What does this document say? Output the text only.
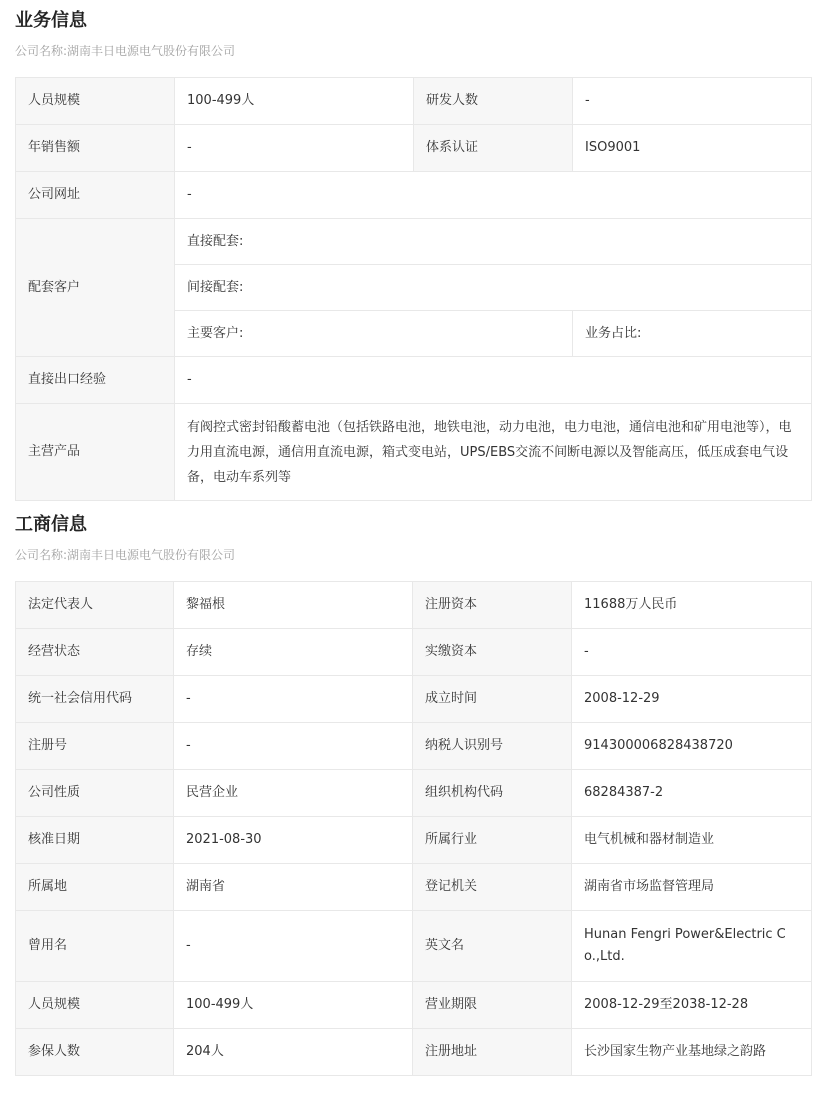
业务信息
公司名称:湖南丰日电源电气股份有限公司
人员规模	100-499人	研发人数	-
年销售额	-	体系认证	ISO9001
公司网址	-		
配套客户	直接配套:		
	间接配套:		
	主要客户:		业务占比:
直接出口经验	-		
主营产品	有阀控式密封铅酸蓄电池（包括铁路电池，地铁电池，动力电池，电力电池，通信电池和矿用电池等），电力用直流电源，通信用直流电源，箱式变电站，UPS/EBS交流不间断电源以及智能高压，低压成套电气设备，电动车系列等		
工商信息
公司名称:湖南丰日电源电气股份有限公司
法定代表人	黎福根	注册资本	11688万人民币
经营状态	存续	实缴资本	-
统一社会信用代码	-	成立时间	2008-12-29
注册号	-	纳税人识别号	914300006828438720
公司性质	民营企业	组织机构代码	68284387-2
核准日期	2021-08-30	所属行业	电气机械和器材制造业
所属地	湖南省	登记机关	湖南省市场监督管理局
曾用名	-	英文名	Hunan Fengri Power&Electric Co.,Ltd.
人员规模	100-499人	营业期限	2008-12-29至2038-12-28
参保人数	204人	注册地址	长沙国家生物产业基地绿之韵路
